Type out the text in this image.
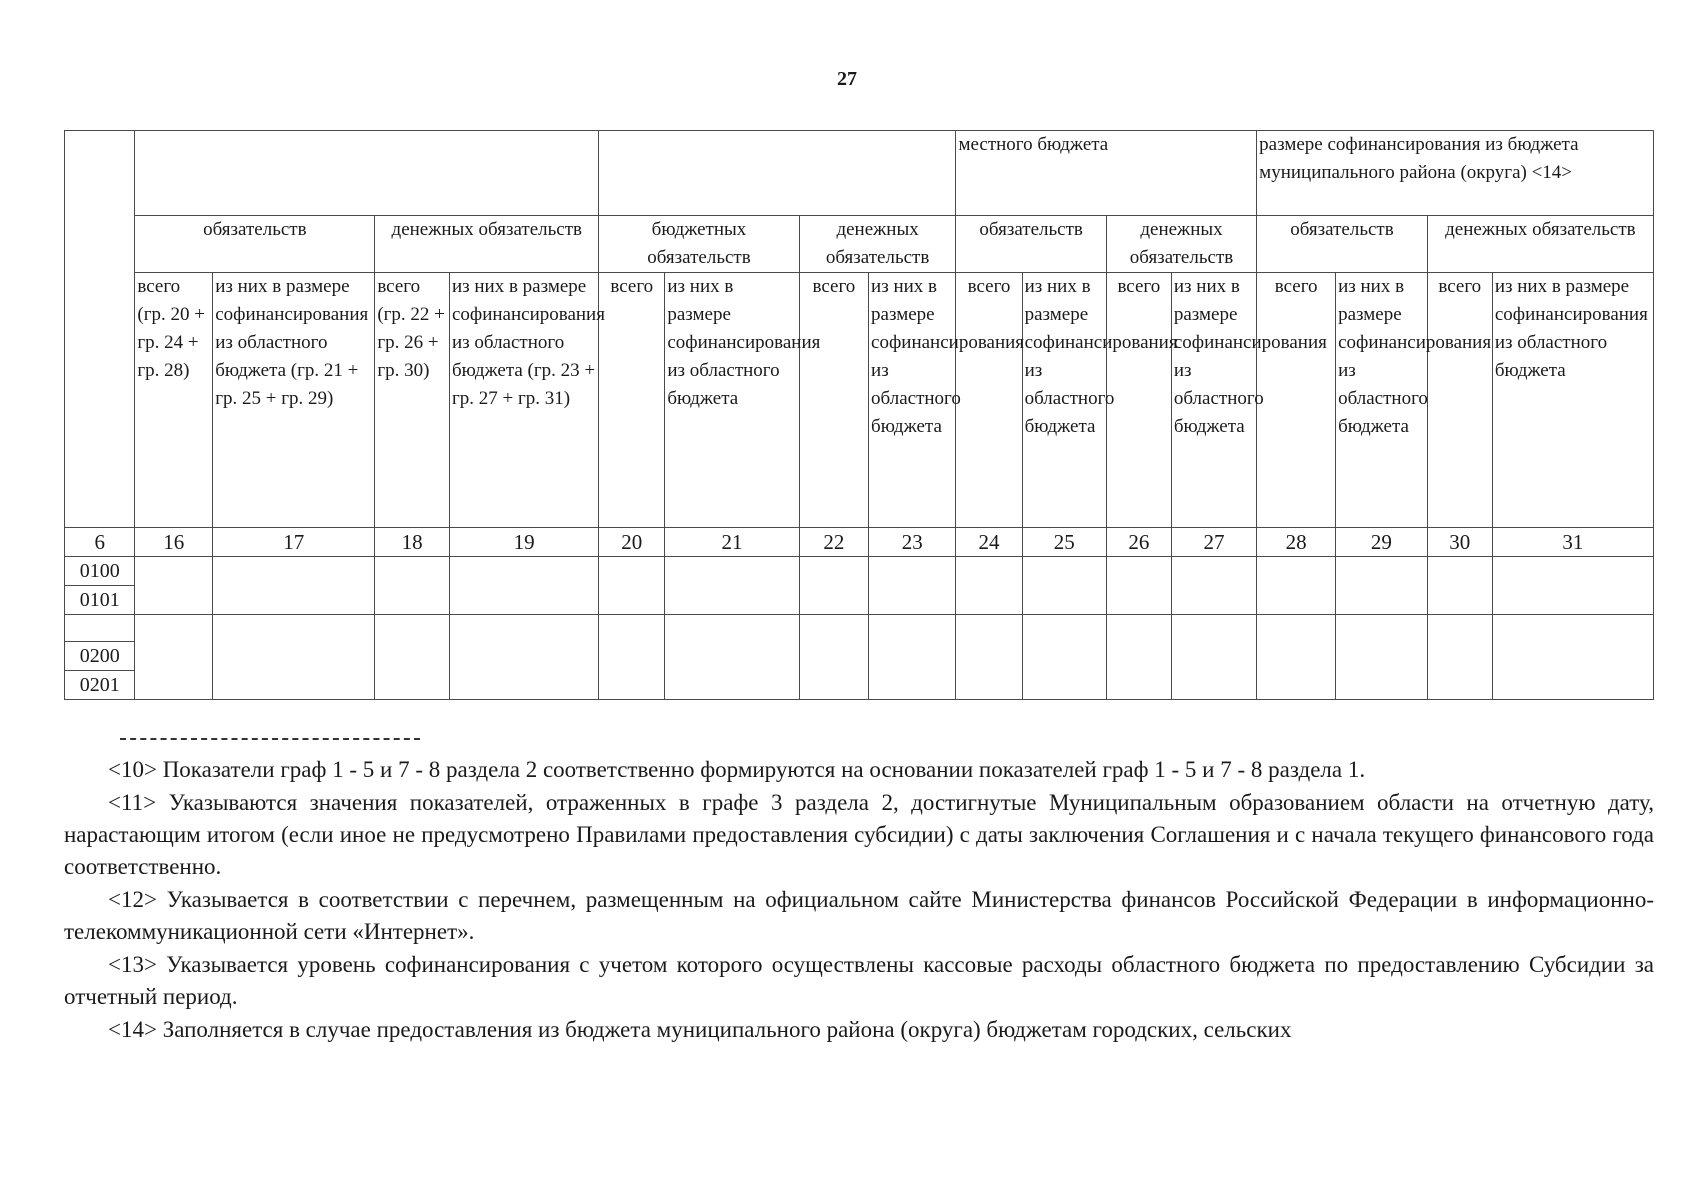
27
									местного бюджета				размере софинансирования из бюджета муниципального района (округа) <14>			
	обязательств		денежных обязательств		бюджетных обязательств		денежных обязательств		обязательств		денежных обязательств		обязательств		денежных обязательств	
	всего (гр. 20 + гр. 24 + гр. 28)	из них в размере софинансирования из областного бюджета (гр. 21 + гр. 25 + гр. 29)	всего (гр. 22 + гр. 26 + гр. 30)	из них в размере софинансирования из областного бюджета (гр. 23 + гр. 27 + гр. 31)	всего	из них в размере софинансирования из областного бюджета	всего	из них в размере софинансирования из областного бюджета	всего	из них в размере софинансирования из областного бюджета	всего	из них в размере софинансирования из областного бюджета	всего	из них в размере софинансирования из областного бюджета	всего	из них в размере софинансирования из областного бюджета
6	16	17	18	19	20	21	22	23	24	25	26	27	28	29	30	31
0100																
0101																

0200																
0201																

<10> Показатели граф 1 - 5 и 7 - 8 раздела 2 соответственно формируются на основании показателей граф 1 - 5 и 7 - 8 раздела 1.

<11> Указываются значения показателей, отраженных в графе 3 раздела 2, достигнутые Муниципальным образованием области на отчетную дату, нарастающим итогом (если иное не предусмотрено Правилами предоставления субсидии) с даты заключения Соглашения и с начала текущего финансового года соответственно.

<12> Указывается в соответствии с перечнем, размещенным на официальном сайте Министерства финансов Российской Федерации в информационно-телекоммуникационной сети «Интернет».

<13> Указывается уровень софинансирования с учетом которого осуществлены кассовые расходы областного бюджета по предоставлению Субсидии за отчетный период.

<14> Заполняется в случае предоставления из бюджета муниципального района (округа) бюджетам городских, сельских
